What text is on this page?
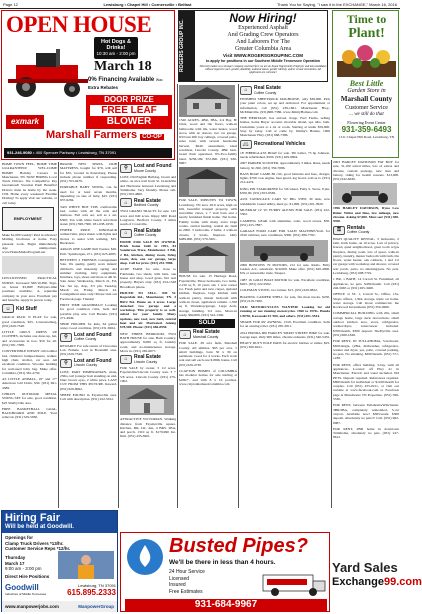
Page 12	Lewisburg • Chapel Hill • Cornersville • Belfast	Thank You for Saying, "I saw it in the EXCHANGE," March 16, 2016
OPEN HOUSE
Hot Dogs & Drinks!
10:30 am - 2:00 pm
March 18
0% Financing Available Wac
Extra Rebates
DOOR PRIZE
FREE LEAF
BLOWER
exmark
Marshall Farmers CO-OP
931-246-9080 • 400 Spencer Parkway • Lewisburg, TN 37091
ROGERS GROUP INC.
Now Hiring!
Experienced Asphalt
And Grading Crew Operators
And Laborers For The
Greater Columbia Area
Visit WWW.ROGERSGROUPINC.COM
to apply for positions in our Southern Middle Tennessee Operation
Diversity makes us a stronger company and therefore we are an Equal Opportunity Employer and ask candidates without regard to race, gender, disability, national status, gender identity, and/or sexual orientation. All applicants are welcome!
Time to
Plant!
Best Little
Garden Store in
Marshall County
Customer Service
... we still do that
Flowering Event Center
931-359-6493
1311 Chapel Hill Road, Lewisburg, TN

HOME TOWN FEEL, HOME TIME GUARANTEED! WEL-COME HOME! Holiday Careers in Manchester, TN. NOW HIRING Local Truck Drivers. We Competitive Pay Guaranteed! Vacation Paid! Benefits! Drivers must be home by the week. CDL Home every weekend! Flexible Driving! To apply visit our website, or call today.

EMPLOYMENT

Make $1,000 weekly! Paid in advance! Mailing brochures at home. Easy pleasant work. Begin immediately. Age unimportant. www.HomeMailerProgram.net

LPN/LICENSED PRACTICAL NURSE. Increased $65/10-HR. Sign-on bonus $3,000! Full/part-time positions available. A reputable company in your area. Excellent pay and benefits. Apply in person today.

☺	Kid Stuff

GRACO PACK N PLAY for sale, good condition, $25. Lawrenceburg, (931) 629-7348.

LITTLE GIRL'S DRESS UP CLOTHES, includes one dress up, hat, and accessories in box, $50 for all. (931) 581-7388.

CONVERTIBLE INFANT crib/toddler bed, children's bumper/sheets, walker, high chair, stroller, car seat. All excellent condition. Wooden bedding for well-used baby bag. Make offer. Columbia, (931) 381-4750.

AS LITTLE ANIMAL, 18" and 17" American Girl Dolls, $50. (931) 691-4389.

CHILD'S OUTDOOR METAL SWING SET for sale, good condition. $25 Shelbyville area.

FREE BASKETBALL GOAL, BACKBOARD AND POLE. Your removal. (931) 529-5930.

BRAND NEW SERTA CRIB MATTRESS, bought for $70, will sell for $35, located in Petersburg. Please include phone number if responding. (931) 703-0479.

PORTABLE BABY SWING, can be used for at least seven months, depending on size of baby, $25. (931) 637-6284.

TAN WHITE HOT TUB, comfortable bed, comes with all the rails and mattress. Full sofa set, sell as a set, $300; Tan with white bench sofa/chair stand. (931) 398-7300. 931-638-1658.

FISHER PRICE DINOSAUR walker/rider, plays music with lights and moves to assist with walking, $25. Bucksnort.

ARGOS ONE GAME Pull Toaster, $20. Pull / Spitzbergen, 471. (931) 625-4085.

BETWEEN 2 FRIENDS Consignment Sale. We quality, gently worn infants' children's and maternity spring and summer clothing, baby equipment, furniture, toys, shoes and more at 4th St. Sale dates: Wednesday, March 21, Fri, Sat. Set up, drop, 3/5 pm. Tuesday, March 24, Friday, March 22. Consignment sales only! Please visit our Facebook page. Thanks!

FIRST TIME GRANDMA!!! Looking for good condition cribs, beds and portable play sets. Call Brenda. (931) 271-4949.

SHOE HOLDER for kids, 64 gallon water. Good condition. (931) 231-8264.

⚲	Lost and Found
Coffee County

REWARD! For safe return of Chocolate Lab. Female. Lost in Boonshill area. (931) 629-7348.

⚲	Lost and Found
Lincoln County

LOST, PART POMERANIAN, male, 25lbs, tail (orange/ hair standing on end, blue/ brown eyes, 2 white paws. LAST CUT FROM THIS PICTURE. Reward. (931) 629-8092.

SHEEP FOUND in Fayetteville area. Call with description. (931) 222-5012.

⚲	Lost and Found
Moore County

LOST, Old English Bulldog, brown and white, on nice trail from St. Grandville and Hurricane between Lewisburg and Tullahoma. Very friendly. Please call. (931) 563-4800.

⌂	Real Estate
Bedford County

TWO GRAND TRACTS for sale. 145 acres and 640 acres. Rippy Mill Road Longview. Bedford County. 3 miles south of Crossville.

⌂	Real Estate
Coffee County

HOME FOR SALE BY OWNER. Brick home built in 1991, 84 Sanderson Trace, Manchester. 3 BR, 2 BA, kitchen, dining room, living room, den, one car garage, large shop. Call for price. (931) 253-7880.

ACRE FARM for sale, close to Fairbanks, two sheds, with barn, one house and shop. Good grass. Not real property. Buyers only. (931) 254-1528 Broadhorn phone.

PRICED TO SELL. 849 W. Rogerdale Rd., Manchester, TN. 3 BR/2 BA. Home on 4 acres. Large detached two garage and a workshop. This property is so well-suited for your family. Many updates, new roof, new bath, central heat and air. Motivated. Asking $78,500. Phone: (931) 686-8950.

NEW THREE BEDROOM, TWO BATH HOUSE for sale. Bath Country, approximately 8,000 sq ft, laundry room, and no-maintenance storage. Move in. (931) 265-6677.

⌂	Real Estate
Lincoln County

FOR SALE by owner. 3 1/2 acres. Fayetteville/Lincoln County area. 3 + 5/8 acres. Lincoln County. (931) 279-1902.

ATTRACTIVE VICTORIAN. Walking distance from Fayetteville square. Kitchen, DR, LR, den, 4 BRS. 2BA, and porch. 1310 sq ft. $179,990 Inc. firm. (931) 433-3901.

1520 ACRES, 4BR, 3BA, 2/4 Bay, B: brick, wood and tile floors, walk-in bathrooms with tile, water heater, wood stove, with no donors, two car garage, 8/0 barn 20ft bay ceilings, covered patio, sales land, with several handsome harvest, $640 assessment, ideal condition, Lincoln County, 4BR barn. Grant Park appraised, 8%.Two-family ideal. $256,199, $72,090. (931) 636-9967.

FOR SALE, MINUTES TO TOWN, Lewisburg, TN area. 26.6 acres, high on hill, beautiful tranquil property, with incredible views, a 7 stall barn and a nearly furnished finish home. Tan home. Family home with many extra large rooms, central heating, central air, built in 2000. 3 bedrooms, 2 baths, 2 walk-in closets, 2 levels, fireplace. Only $489,900. (931) 570-3201.

HOUSE for sale. 15 Heritage Road, Fayetteville. Three bedrooms, two baths, 2,150 sq ft. 10 years old, 1 acre corner lot. Fresh paint and new carpet, updated kitchen, fireplace, large kitchen with walk-in pantry, master bedroom with walk-in closet, appliances remain. 1,550 sq ft. Workshop/garage. Large deck, storage building. 0.2 acre. Move-in ready. $84,800. (931) 522-1340.

SOLD
⌂	Real Estate
Marshall County

FOR SALE. 28 acre farm, Marshall County. All utilities. $65 per acre. 5 small buildings, barn 50 x 30 on perimeter. Good for 4 works. Each work rent and sell each one $180K bonus. Call (931) 629-4730.

CLAYTON HOMES of COLUMBIA has modular homes for sale starting at $45K+, and with 8 x 16 porches. www.claytonhomesofcolumbia.com

⌂	Real Estate
Coffee County

FINISHED SHEETROCK DOGHOUSE, only $39,900. Pick your paint colors, set up and delivered. For appointment or information, call (931) 239-1661. Manchester Hwy., McMinnville. (931)668-7386. www.JimmyHomes.com

THE HERITAGE, has arrived. Kopp, Fuci Farms, selling homes, home Buyer account. movable island, spa tubs, bath. Customize yours to a 4x or room. Starting at under $59,900. Stop by today. Call or come by. Jimmy's Homes, 1006 Manchester Hwy. (931) 668-7386.

🚐 Recreational Vehicles

18' FIBERGLASS BOAT for sale. Tilt trailer, 75 hp Johnson, needs refurbished, $500. (931) 629-9804.

2007 PARKER SCOOTER, approximately 3 miles. Runs, needs battery, $1,500. (931) 359-7686.

BASS BOAT CAMP, 86 crib, good batteries and fuse, charger, lights, $700. Gas engine, heat guard, leg board, sold as is. (931) 212-4474.

KING PIN STARGRIZER for 5th wheel, Fully S. Snow, 8 pin, $350.00. (931) 653-9538.

AUX TANKS/AUX CART W/ BIG STEP, 30 tank, now windshield. Grand utility, must go. $1,999. (931) 201-3920.

MUSKRAT 12' W/ FURRY ALEXIS FOR SALE. (931) 222-5302.

CAMPING GEAR with amenities, solar, wood stoves. $50. (931) 455-7887.

GARAGE FOOD CART FOR SALE! MACHINE/Tech. for 2016 vehicles, new conditions, $300. (931) 389-7782.

2006 BOSTONS 79 MOTORS, 212 for sale. Radio. Fully loaded, A/C, automatic. $19,000. Make offer. (931) 620-4000. $7k or reasonable trade. Sleeper.

1987 16 GOLD BOAT MOTOR for sale. Excellent condition, $925. (931) 222-9562.

COLEMAN STOVE, two burner, $15. (931) 629-9822.

BOATING CAMPER SHELL for sale, fits most trucks. $250. (931) 619-7460.

OLD MOTORCYCLES WANTED! Looking for old running or not running motorcycles. 1960 to 1970s. Honda CB750, Kawasaki Z1 900, and others. (931) 691-5544.

SHADE FOR RV AWNING, 15x9. Excellent condition. Sells for an awning roller. (931) 265-2811.

2014 HONDA 600 HARLEY SPIRIT STREET BIKE for sale. Garage kept, Only 900 miles, chrome exhausts. (931) 540-5455.

HEAVY DUTY POLE PADS for electric hitches or trailer, $25. (931) 309-6221.

2003 HARLEY DAVIDSON FAT BOY for sale, 31,100 actual miles, lots of extras and chrome, custom package, new tires and battery, riding for health reasons. $13,000. (931) 642-6030.

1996 HARLEY DAVIDSON, Dyna Low Rider. White and blue, low mileage, new chrome. Asking $7,000. Must see! (931) 388-9390.

⚿	Rentals
Coffee County

HIGH QUALITY RENTAL, 3 bedrooms, 2 bath, brick home, on 10 acres. Lots of privacy, fenced, quiet neighborhood, great room w/gas fireplace, dining room, lots of space, walk-in pantry, laundry, master bedroom with bath, tile floors, water heater, oak cabinets, 1 and 1/2 car garage with workshop and shower, covered rear porch, patio, no smoking/pets. No pets. Lewisburg, (931) 698-7701.

1 BR, 1 BATH, 14 Carroll St. Furnished, all appliances, no pets. $450/month. Call (931) 246-5665 or (931) 265-3400.

OFFICE or ST. 1, Carroll St., Office, 13x, Shops offices, 1,394, storage, triple car home, water storage. Call about commercial, the Rockwood Investments (931) 359-4980.

COMMERCIAL BUILDING with 20x, small cottage home, large deck decorations, small outdoor kitchen area, stove, refrigerator, washer/dryer, water/sewer included. $700/month, $300 deposit. Shelbyville area. (931) 680-1848.

FOR RENT, IN TULLAHOMA, 3-bedroom, $650/single, (2BA, dishwasher, refrigerator, washer and dryer, yes, patio, covered parking, no pets. No smoking. $650/month. (931) 571-1238.

FOR RENT, office building. 3-bay, with all appliances. Located off Hwy 41 in Manchester. Electric and water included. NO PETS. Deposit required. References required. $800/month for individual or $1100/month for couples. Call (931) 455-0211, or visit our website at www.facebook.com or Facebook page at Manchester TN Properties. (931) 596-5530.

FOR RENT, between Tullahoma/Winchester. 3BR/2BA, completely remodeled. 3-car carport. Available now! $365/week. $300 deposit. Absolutely no pets!!! Call, (931) 962-0987.

FOR RENT, 2BD home in downtown Tullahoma, absolutely no pets. (931) 247-8612.

Hiring Fair
Will be held at Goodwill.
Openings for
Clamp Truck Drivers *13/hr.
Customer Service Reps *12/hr.
Thursday
March 17
9:00 am - 3:00 pm
Direct Hire Positions
Goodwill
Industries of Middle Tennessee
Lewisburg, TN 37091
615.895.2333
www.manpowerjobs.com	ManpowerGroup
Busted Pipes?
We'll be there in less than 4 hours.
24 Hour Service
Licensed
Insured
Free Estimates
931-684-9967
Yard Sales
Exchange99.com
